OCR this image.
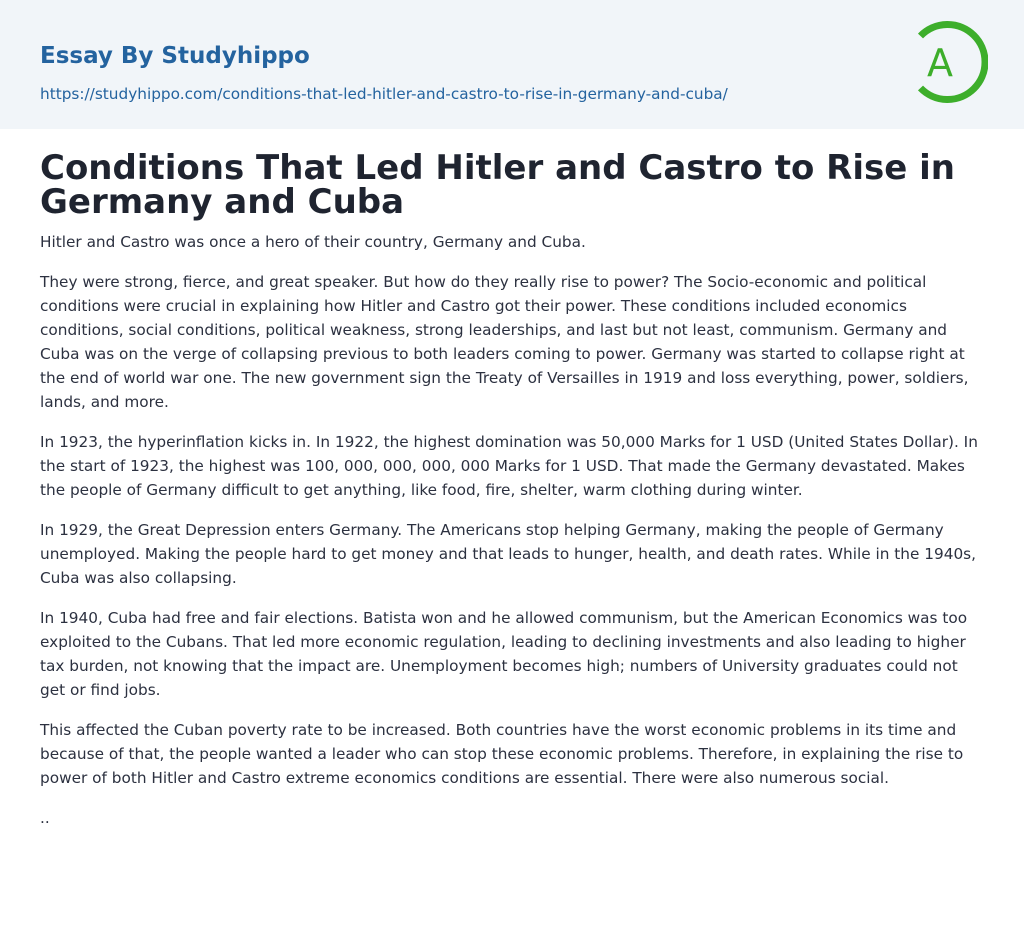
Essay By Studyhippo
https://studyhippo.com/conditions-that-led-hitler-and-castro-to-rise-in-germany-and-cuba/
A
Conditions That Led Hitler and Castro to Rise in Germany and Cuba

Hitler and Castro was once a hero of their country, Germany and Cuba.

They were strong, fierce, and great speaker. But how do they really rise to power? The Socio-economic and political conditions were crucial in explaining how Hitler and Castro got their power. These conditions included economics conditions, social conditions, political weakness, strong leaderships, and last but not least, communism. Germany and Cuba was on the verge of collapsing previous to both leaders coming to power. Germany was started to collapse right at the end of world war one. The new government sign the Treaty of Versailles in 1919 and loss everything, power, soldiers, lands, and more.

In 1923, the hyperinflation kicks in. In 1922, the highest domination was 50,000 Marks for 1 USD (United States Dollar). In the start of 1923, the highest was 100, 000, 000, 000, 000 Marks for 1 USD. That made the Germany devastated. Makes the people of Germany difficult to get anything, like food, fire, shelter, warm clothing during winter.

In 1929, the Great Depression enters Germany. The Americans stop helping Germany, making the people of Germany unemployed. Making the people hard to get money and that leads to hunger, health, and death rates. While in the 1940s, Cuba was also collapsing.

In 1940, Cuba had free and fair elections. Batista won and he allowed communism, but the American Economics was too exploited to the Cubans. That led more economic regulation, leading to declining investments and also leading to higher tax burden, not knowing that the impact are. Unemployment becomes high; numbers of University graduates could not get or find jobs.

This affected the Cuban poverty rate to be increased. Both countries have the worst economic problems in its time and because of that, the people wanted a leader who can stop these economic problems. Therefore, in explaining the rise to power of both Hitler and Castro extreme economics conditions are essential. There were also numerous social.

..
